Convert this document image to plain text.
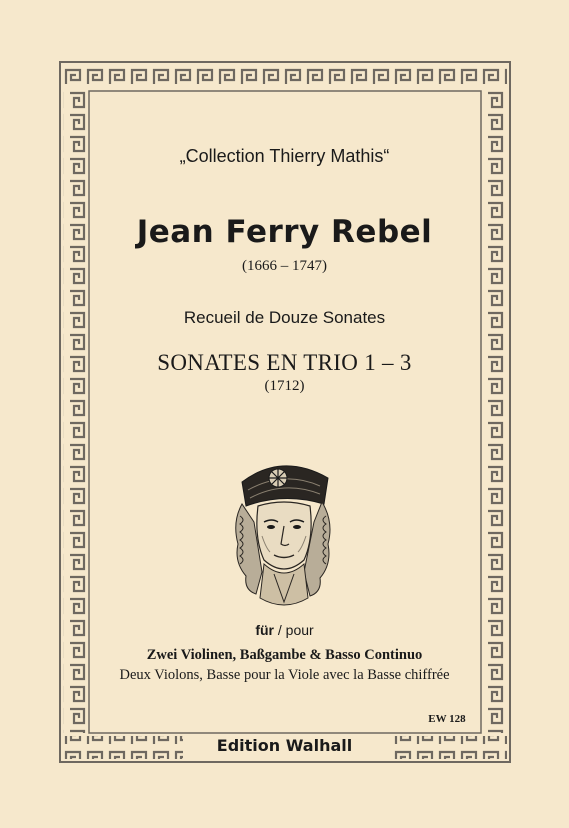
„Collection Thierry Mathis“
Jean Ferry Rebel
(1666 – 1747)
Recueil de Douze Sonates
SONATES EN TRIO 1 – 3
(1712)
für / pour
Zwei Violinen, Baßgambe & Basso Continuo
Deux Violons, Basse pour la Viole avec la Basse chiffrée
EW 128
Edition Walhall
